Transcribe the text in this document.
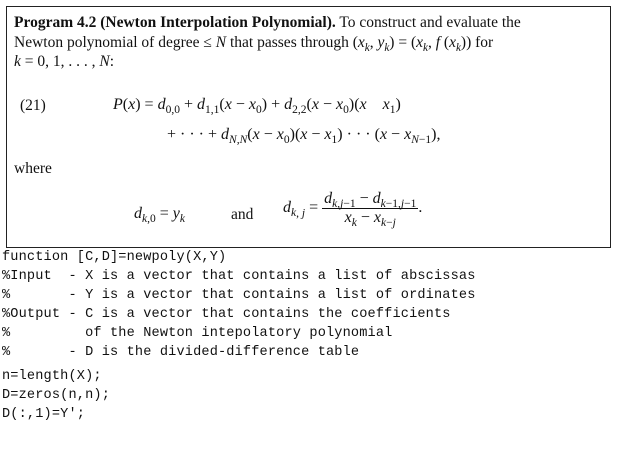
Program 4.2 (Newton Interpolation Polynomial). To construct and evaluate the
Newton polynomial of degree ≤ N that passes through ($x_k$, $y_k) = (x_k$, f $(x_k)$) for
k = 0, 1, . . . , N:
(21)	$P(x) = d_{0,0} + d_{1,1}(x - x_0) + d_{2,2}(x - x_0)(x$ $x_1$)
+ · · · + $d_{N,N}(x - x_0)(x - x_1)$ · · · $(x - x_{N-1})$,
where
$d_{k,0} = y_k$	and $d_{k, j} = \frac{d_{k,j-1} - d_{k-1,j-1}}{x_k - x_{k-j}}$ .
function [C,D]=newpoly(X,Y)
%Input  - X is a vector that contains a list of abscissas
%       - Y is a vector that contains a list of ordinates
%Output - C is a vector that contains the coefficients
%         of the Newton intepolatory polynomial
%       - D is the divided-difference table
n=length(X);
D=zeros(n,n);
D(:,1)=Y';
